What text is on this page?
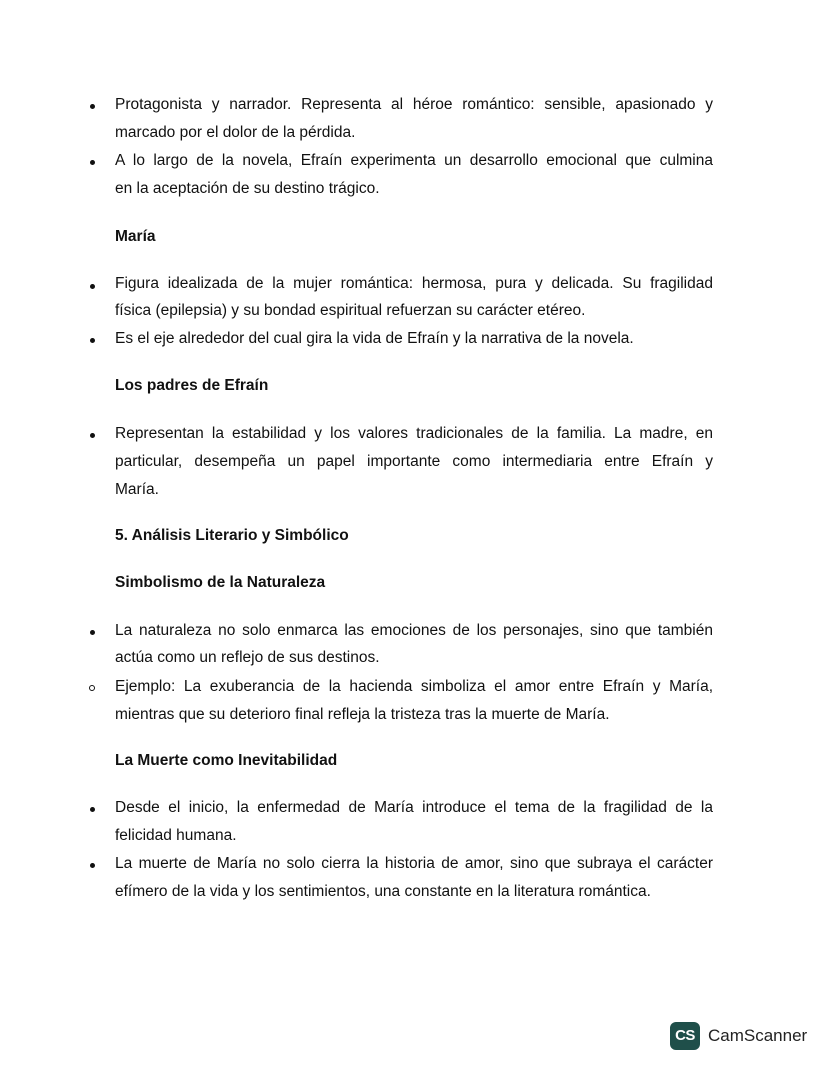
Protagonista y narrador. Representa al héroe romántico: sensible, apasionado y
marcado por el dolor de la pérdida.
A lo largo de la novela, Efraín experimenta un desarrollo emocional que culmina
en la aceptación de su destino trágico.
María
Figura idealizada de la mujer romántica: hermosa, pura y delicada. Su fragilidad
física (epilepsia) y su bondad espiritual refuerzan su carácter etéreo.
Es el eje alrededor del cual gira la vida de Efraín y la narrativa de la novela.
Los padres de Efraín
Representan la estabilidad y los valores tradicionales de la familia. La madre, en
particular, desempeña un papel importante como intermediaria entre Efraín y
María.
5. Análisis Literario y Simbólico
Simbolismo de la Naturaleza
La naturaleza no solo enmarca las emociones de los personajes, sino que también
actúa como un reflejo de sus destinos.
Ejemplo: La exuberancia de la hacienda simboliza el amor entre Efraín y María,
mientras que su deterioro final refleja la tristeza tras la muerte de María.
La Muerte como Inevitabilidad
Desde el inicio, la enfermedad de María introduce el tema de la fragilidad de la
felicidad humana.
La muerte de María no solo cierra la historia de amor, sino que subraya el carácter
efímero de la vida y los sentimientos, una constante en la literatura romántica.
CS CamScanner
